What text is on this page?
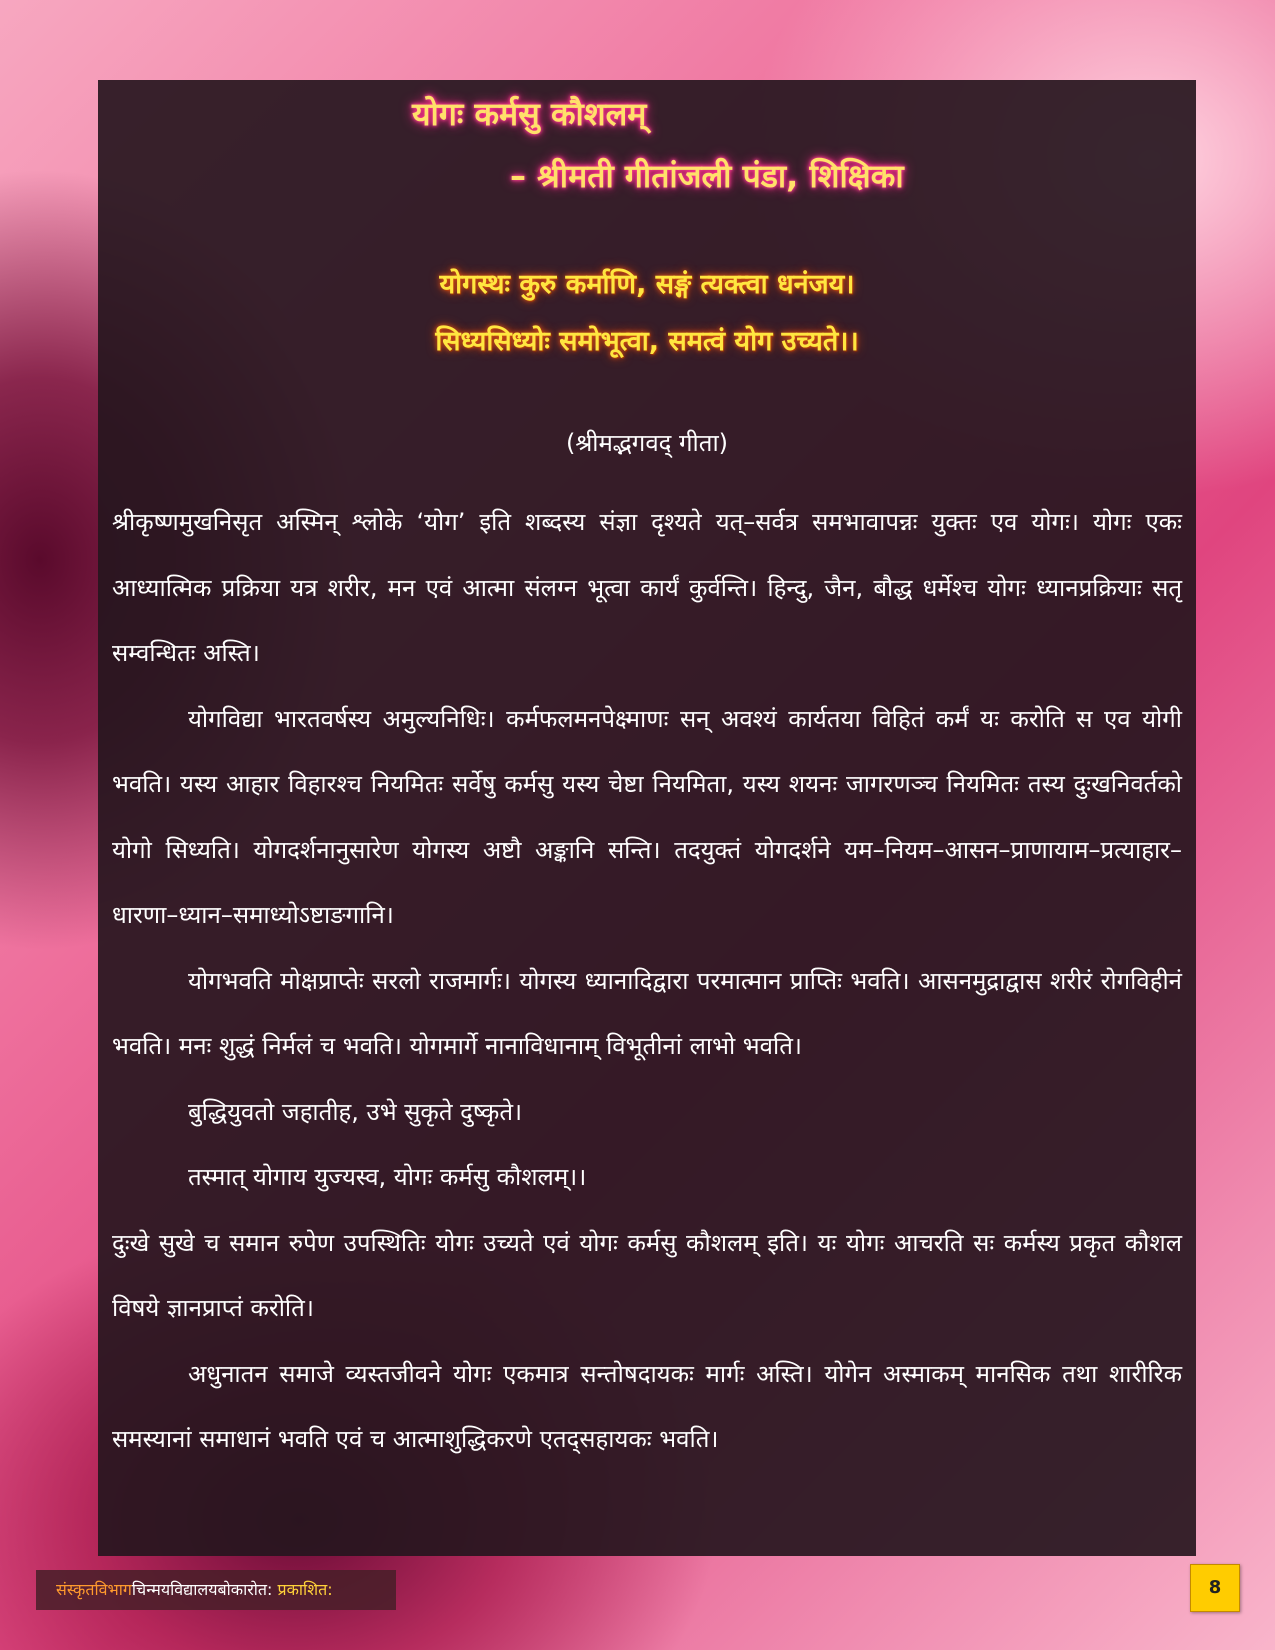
योगः कर्मसु कौशलम्
– श्रीमती गीतांजली पंडा, शिक्षिका
योगस्थः कुरु कर्माणि, सङ्गं त्यक्त्वा धनंजय।
सिध्यसिध्योः समोभूत्वा, समत्वं योग उच्यते।।
(श्रीमद्भगवद् गीता)

श्रीकृष्णमुखनिसृत अस्मिन् श्लोके ‘योग’ इति शब्दस्य संज्ञा दृश्यते यत्–सर्वत्र समभावापन्नः युक्तः एव योगः। योगः एकः आध्यात्मिक प्रक्रिया यत्र शरीर, मन एवं आत्मा संलग्न भूत्वा कार्यं कुर्वन्ति। हिन्दु, जैन, बौद्ध धर्मेश्च योगः ध्यानप्रक्रियाः सतृ सम्वन्धितः अस्ति।

योगविद्या भारतवर्षस्य अमुल्यनिधिः। कर्मफलमनपेक्ष्माणः सन् अवश्यं कार्यतया विहितं कर्मं यः करोति स एव योगी भवति। यस्य आहार विहारश्च नियमितः सर्वेषु कर्मसु यस्य चेष्टा नियमिता, यस्य शयनः जागरणञ्च नियमितः तस्य दुःखनिवर्तको योगो सिध्यति। योगदर्शनानुसारेण योगस्य अष्टौ अङ्कानि सन्ति। तदयुक्तं योगदर्शने यम–नियम–आसन–प्राणायाम–प्रत्याहार–धारणा–ध्यान–समाध्योऽष्टाङगानि।

योगभवति मोक्षप्राप्तेः सरलो राजमार्गः। योगस्य ध्यानादिद्वारा परमात्मान प्राप्तिः भवति। आसनमुद्राद्वास शरीरं रोगविहीनं भवति। मनः शुद्धं निर्मलं च भवति। योगमार्गे नानाविधानाम् विभूतीनां लाभो भवति।

बुद्धियुवतो जहातीह, उभे सुकृते दुष्कृते।

तस्मात् योगाय युज्यस्व, योगः कर्मसु कौशलम्।।

दुःखे सुखे च समान रुपेण उपस्थितिः योगः उच्यते एवं योगः कर्मसु कौशलम् इति। यः योगः आचरति सः कर्मस्य प्रकृत कौशल विषये ज्ञानप्राप्तं करोति।

अधुनातन समाजे व्यस्तजीवने योगः एकमात्र सन्तोषदायकः मार्गः अस्ति। योगेन अस्माकम् मानसिक तथा शारीरिक समस्यानां समाधानं भवति एवं च आत्माशुद्धिकरणे एतद्सहायकः भवति।

संस्कृतविभागचिन्मयविद्यालयबोकारोत: प्रकाशित:	8
